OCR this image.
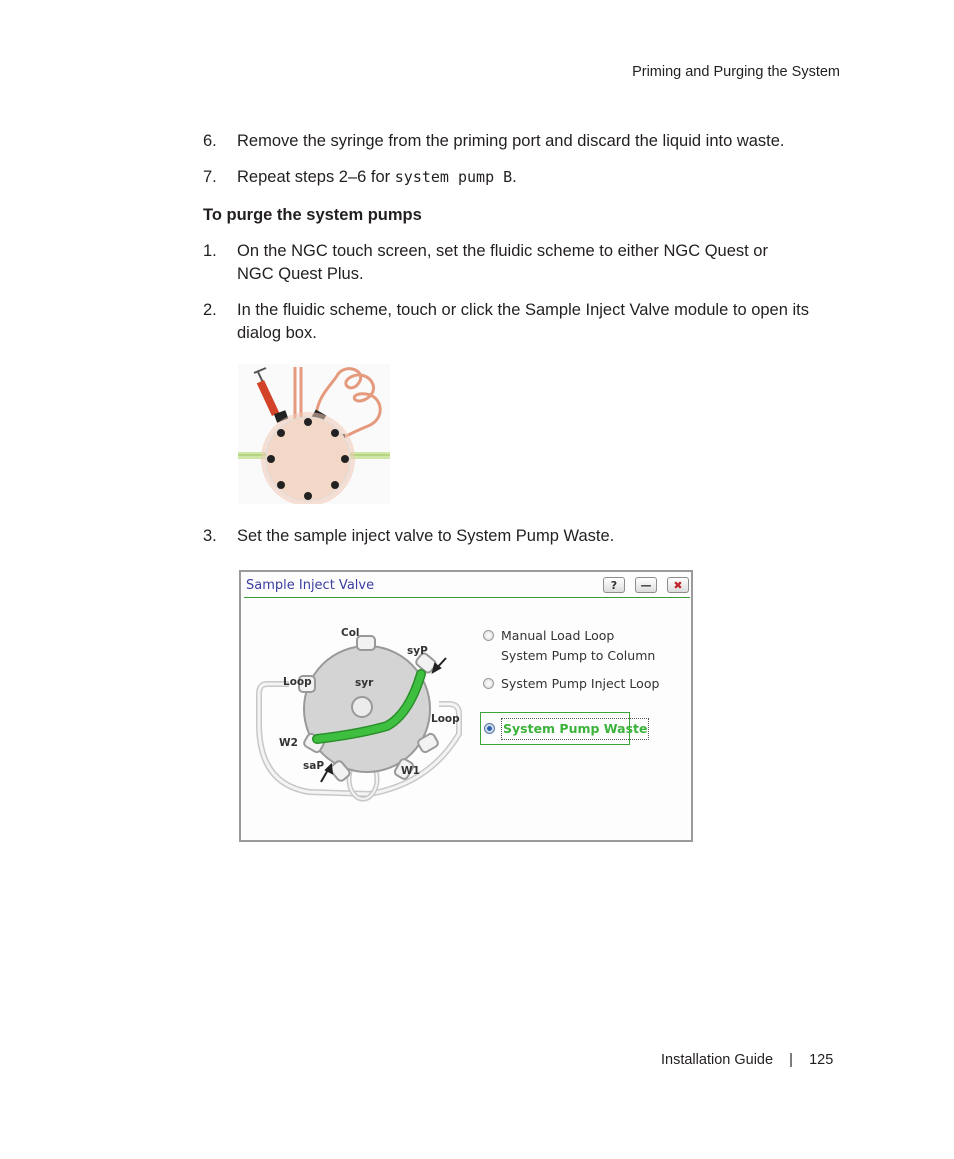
Priming and Purging the System
6. Remove the syringe from the priming port and discard the liquid into waste.
7. Repeat steps 2–6 for system pump B.
To purge the system pumps
1. On the NGC touch screen, set the fluidic scheme to either NGC Quest or
NGC Quest Plus.
2. In the fluidic scheme, touch or click the Sample Inject Valve module to open its
dialog box.
3. Set the sample inject valve to System Pump Waste.
Sample Inject Valve	?	—	✖
Col
syP
Loop	syr
Loop
W2
saP	W1
Manual Load Loop
System Pump to Column
System Pump Inject Loop
System Pump Waste
Installation Guide | 125
